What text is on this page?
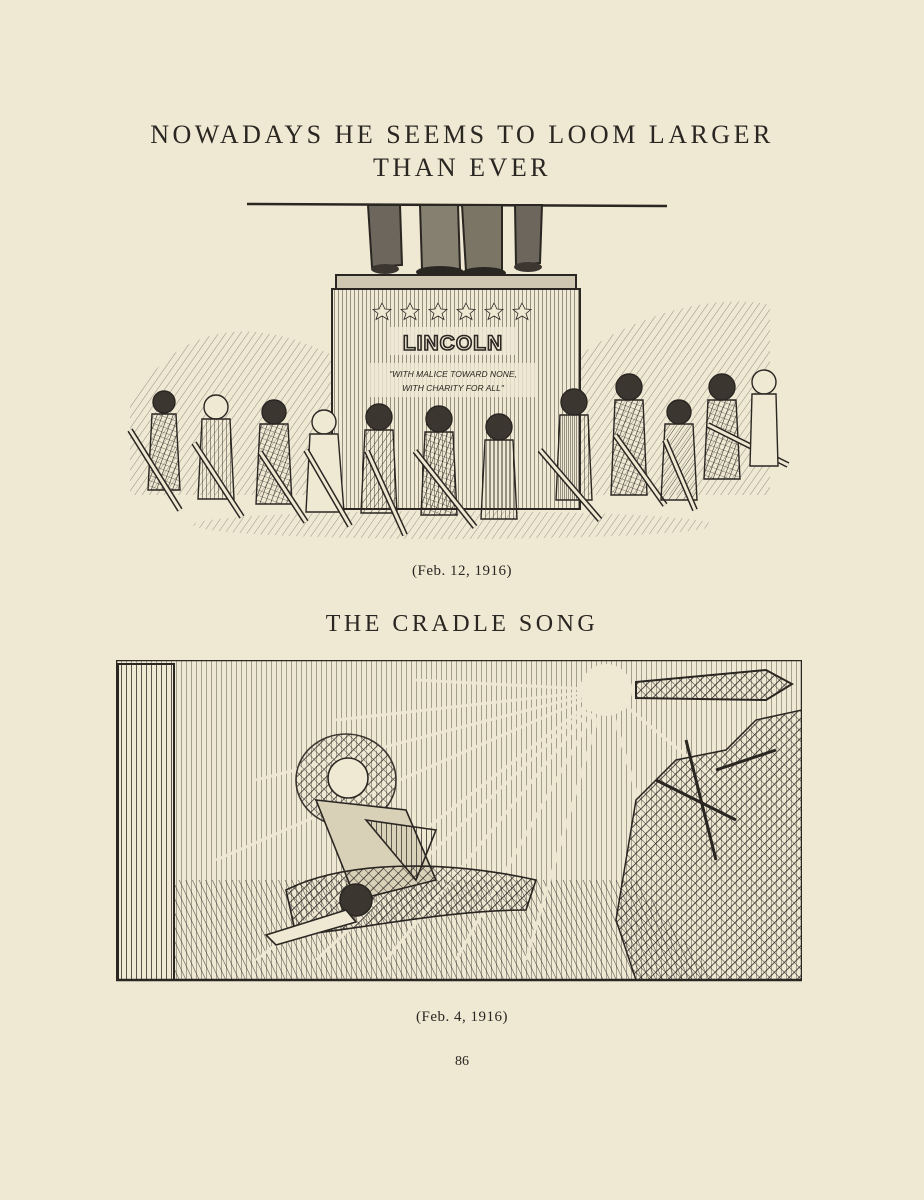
NOWADAYS HE SEEMS TO LOOM LARGER
THAN EVER
LINCOLN
"WITH MALICE TOWARD NONE,
WITH CHARITY FOR ALL"
(Feb. 12, 1916)
THE CRADLE SONG
(Feb. 4, 1916)
86
